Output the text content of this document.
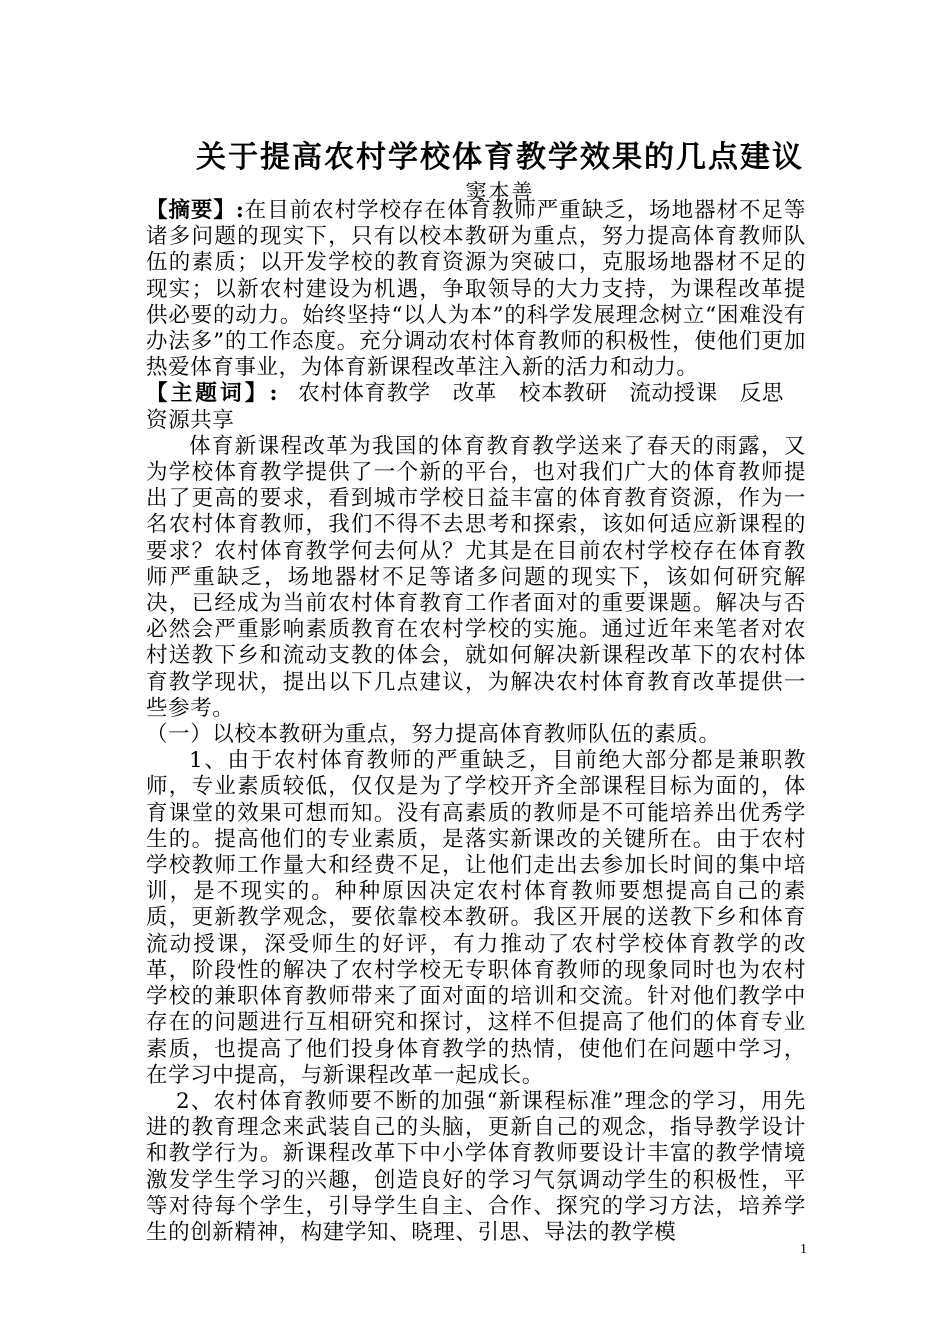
关于提高农村学校体育教学效果的几点建议
窦本善

【摘要】:在目前农村学校存在体育教师严重缺乏，场地器材不足等诸多问题的现实下，只有以校本教研为重点，努力提高体育教师队伍的素质；以开发学校的教育资源为突破口，克服场地器材不足的现实；以新农村建设为机遇，争取领导的大力支持，为课程改革提供必要的动力。始终坚持“以人为本”的科学发展理念树立“困难没有办法多”的工作态度。充分调动农村体育教师的积极性，使他们更加热爱体育事业，为体育新课程改革注入新的活力和动力。

【主题词】: 农村体育教学 改革 校本教研 流动授课 反思资源共享

体育新课程改革为我国的体育教育教学送来了春天的雨露，又为学校体育教学提供了一个新的平台，也对我们广大的体育教师提出了更高的要求，看到城市学校日益丰富的体育教育资源，作为一名农村体育教师，我们不得不去思考和探索，该如何适应新课程的要求？农村体育教学何去何从？尤其是在目前农村学校存在体育教师严重缺乏，场地器材不足等诸多问题的现实下，该如何研究解决，已经成为当前农村体育教育工作者面对的重要课题。解决与否必然会严重影响素质教育在农村学校的实施。通过近年来笔者对农村送教下乡和流动支教的体会，就如何解决新课程改革下的农村体育教学现状，提出以下几点建议，为解决农村体育教育改革提供一些参考。

（一）以校本教研为重点，努力提高体育教师队伍的素质。

1、由于农村体育教师的严重缺乏，目前绝大部分都是兼职教师，专业素质较低，仅仅是为了学校开齐全部课程目标为面的，体育课堂的效果可想而知。没有高素质的教师是不可能培养出优秀学生的。提高他们的专业素质，是落实新课改的关键所在。由于农村学校教师工作量大和经费不足，让他们走出去参加长时间的集中培训，是不现实的。种种原因决定农村体育教师要想提高自己的素质，更新教学观念，要依靠校本教研。我区开展的送教下乡和体育流动授课，深受师生的好评，有力推动了农村学校体育教学的改革，阶段性的解决了农村学校无专职体育教师的现象同时也为农村学校的兼职体育教师带来了面对面的培训和交流。针对他们教学中存在的问题进行互相研究和探讨，这样不但提高了他们的体育专业素质，也提高了他们投身体育教学的热情，使他们在问题中学习，在学习中提高，与新课程改革一起成长。

2、农村体育教师要不断的加强“新课程标准”理念的学习，用先进的教育理念来武装自己的头脑，更新自己的观念，指导教学设计和教学行为。新课程改革下中小学体育教师要设计丰富的教学情境激发学生学习的兴趣，创造良好的学习气氛调动学生的积极性，平等对待每个学生，引导学生自主、合作、探究的学习方法，培养学生的创新精神，构建学知、晓理、引思、导法的教学模

1
